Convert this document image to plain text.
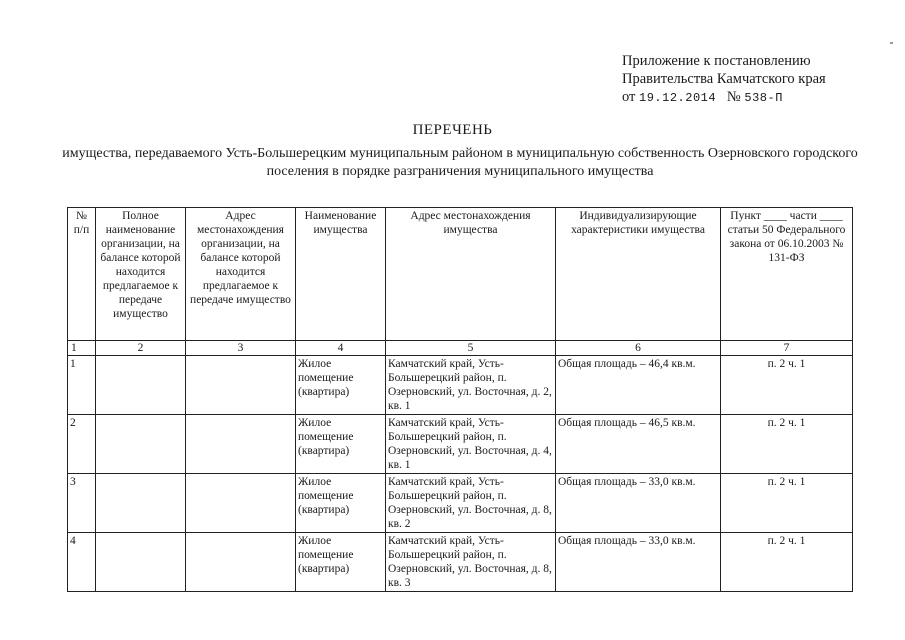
Приложение к постановлению
Правительства Камчатского края
от 19.12.2014 № 538-П
ПЕРЕЧЕНЬ
имущества, передаваемого Усть-Большерецким муниципальным районом в муниципальную собственность Озерновского городского поселения в порядке разграничения муниципального имущества
№ п/п	Полное наименование организации, на балансе которой находится предлагаемое к передаче имущество	Адрес местонахождения организации, на балансе которой находится предлагаемое к передаче имущество	Наименование имущества	Адрес местонахождения имущества	Индивидуализирующие характеристики имущества	Пункт ____ части ____ статьи 50 Федерального закона от 06.10.2003 № 131-ФЗ
1	2	3	4	5	6	7
1			Жилое помещение (квартира)	Камчатский край, Усть-Большерецкий район, п. Озерновский, ул. Восточная, д. 2, кв. 1	Общая площадь – 46,4 кв.м.	п. 2 ч. 1
2			Жилое помещение (квартира)	Камчатский край, Усть-Большерецкий район, п. Озерновский, ул. Восточная, д. 4, кв. 1	Общая площадь – 46,5 кв.м.	п. 2 ч. 1
3			Жилое помещение (квартира)	Камчатский край, Усть-Большерецкий район, п. Озерновский, ул. Восточная, д. 8, кв. 2	Общая площадь – 33,0 кв.м.	п. 2 ч. 1
4			Жилое помещение (квартира)	Камчатский край, Усть-Большерецкий район, п. Озерновский, ул. Восточная, д. 8, кв. 3	Общая площадь – 33,0 кв.м.	п. 2 ч. 1
